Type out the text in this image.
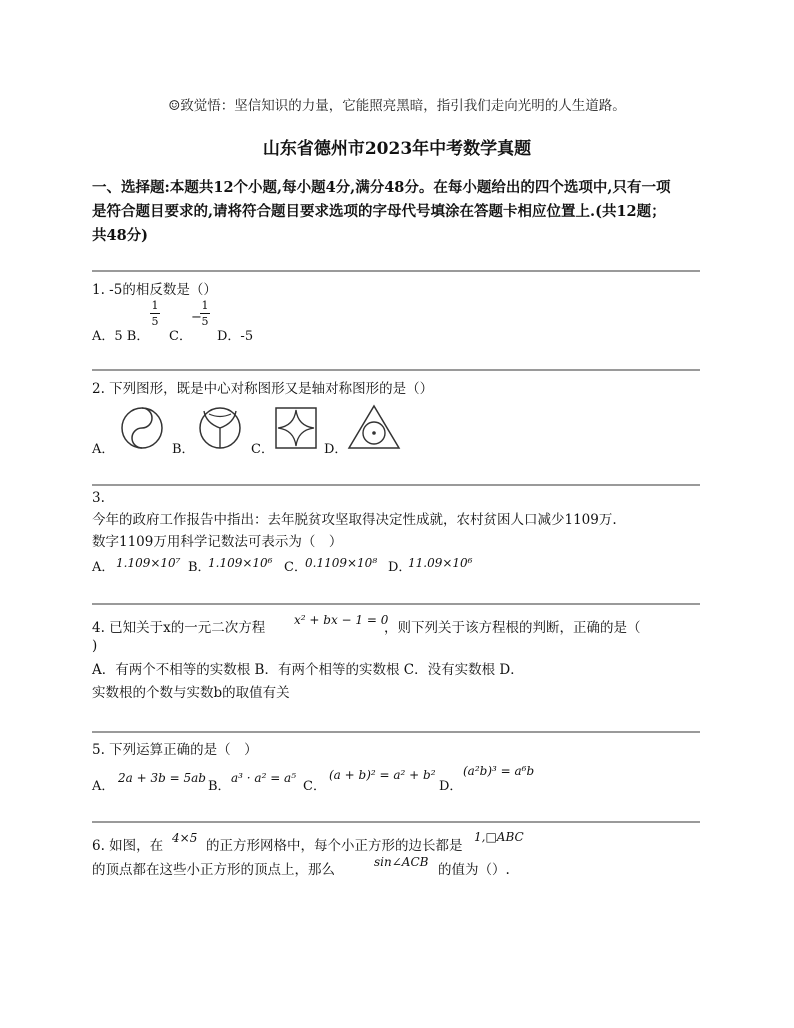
☺致觉悟：坚信知识的力量，它能照亮黑暗，指引我们走向光明的人生道路。
山东省德州市2023年中考数学真题
一、选择题:本题共12个小题,每小题4分,满分48分。在每小题给出的四个选项中,只有一项
是符合题目要求的,请将符合题目要求选项的字母代号填涂在答题卡相应位置上.(共12题；
共48分)
1. -5的相反数是（）
A．5 B．
1
5
C．
−
1
5
D．-5
2. 下列图形，既是中心对称图形又是轴对称图形的是（）
A．	B．	C．	D．
3.
今年的政府工作报告中指出：去年脱贫攻坚取得决定性成就，农村贫困人口减少1109万.
数字1109万用科学记数法可表示为（　）
A． 1.109×10⁷ B．
1.109×10⁶ C．
0.1109×10⁸ D．
11.09×10⁶
4. 已知关于x的一元二次方程 x² + bx − 1 = 0
，则下列关于该方程根的判断，正确的是（
)
A．有两个不相等的实数根 B．有两个相等的实数根 C．没有实数根 D．
实数根的个数与实数b的取值有关
5. 下列运算正确的是（　）
A．
2a + 3b = 5ab
B．
a³ · a² = a⁵
C．
(a + b)² = a² + b²
D．
(a²b)³ = a⁶b
6. 如图，在 4×5 的正方形网格中，每个小正方形的边长都是
1,□ABC
的顶点都在这些小正方形的顶点上，那么	sin∠ACB 的值为（）.
